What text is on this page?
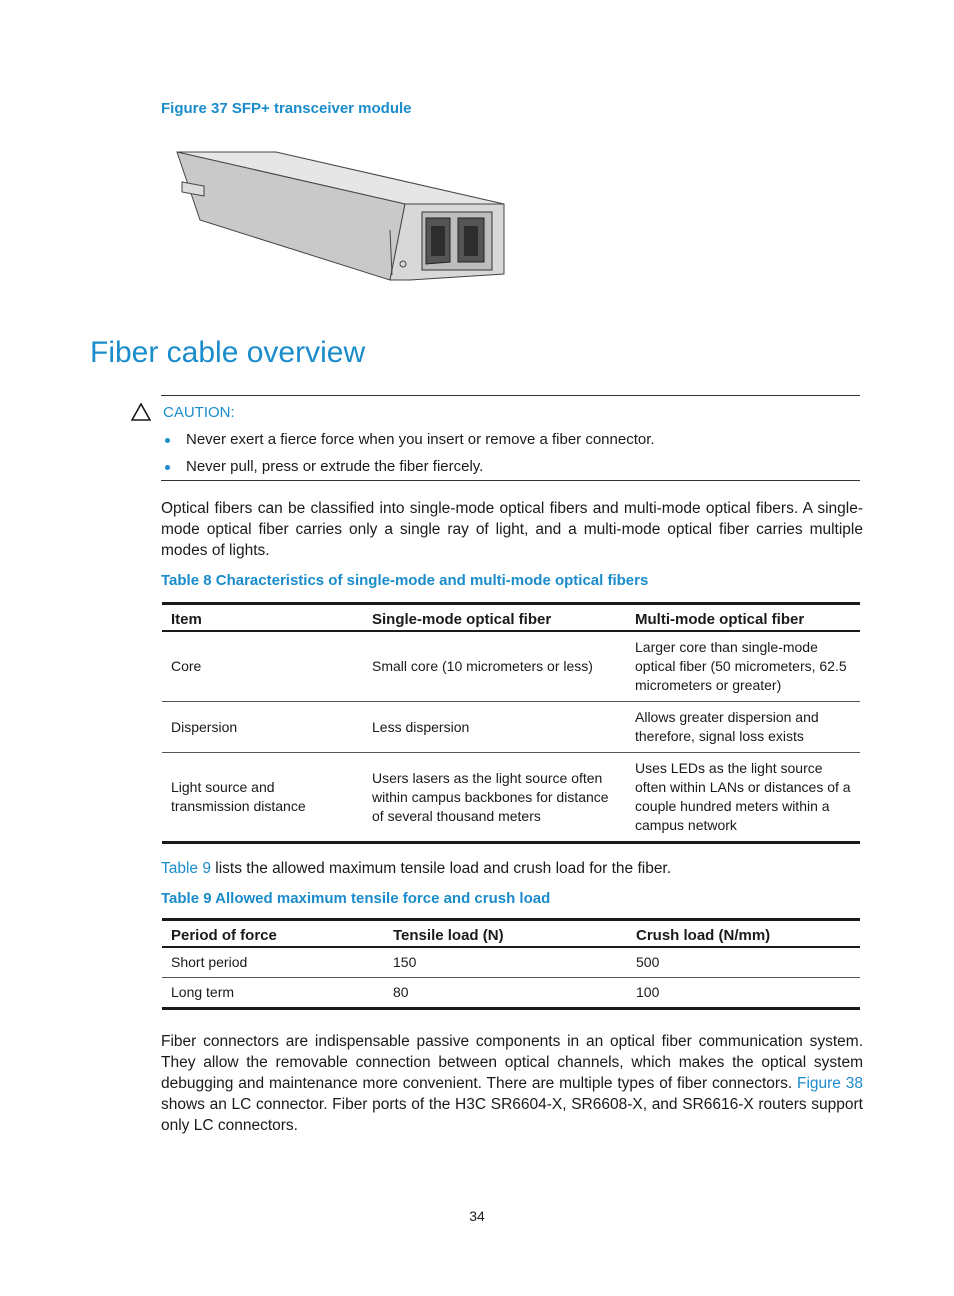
Figure 37 SFP+ transceiver module
Fiber cable overview
CAUTION:
Never exert a fierce force when you insert or remove a fiber connector.
Never pull, press or extrude the fiber fiercely.

Optical fibers can be classified into single-mode optical fibers and multi-mode optical fibers. A single-mode optical fiber carries only a single ray of light, and a multi-mode optical fiber carries multiple modes of lights.

Table 8 Characteristics of single-mode and multi-mode optical fibers
Item	Single-mode optical fiber	Multi-mode optical fiber
Core	Small core (10 micrometers or less)	Larger core than single-mode optical fiber (50 micrometers, 62.5 micrometers or greater)
Dispersion	Less dispersion	Allows greater dispersion and therefore, signal loss exists
Light source and transmission distance	Users lasers as the light source often within campus backbones for distance of several thousand meters	Uses LEDs as the light source often within LANs or distances of a couple hundred meters within a campus network

Table 9 lists the allowed maximum tensile load and crush load for the fiber.

Table 9 Allowed maximum tensile force and crush load
Period of force	Tensile load (N)	Crush load (N/mm)
Short period	150	500
Long term	80	100

Fiber connectors are indispensable passive components in an optical fiber communication system. They allow the removable connection between optical channels, which makes the optical system debugging and maintenance more convenient. There are multiple types of fiber connectors. Figure 38 shows an LC connector. Fiber ports of the H3C SR6604-X, SR6608-X, and SR6616-X routers support only LC connectors.

34
